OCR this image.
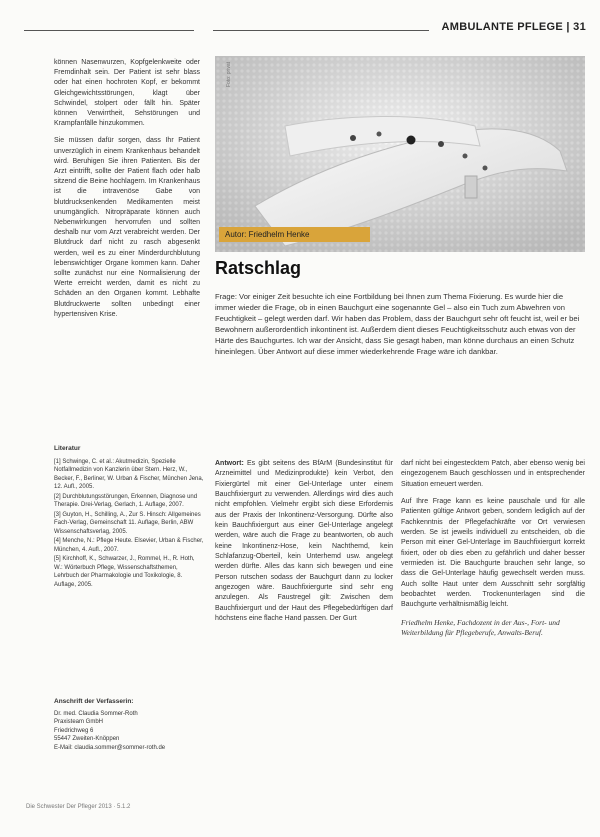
AMBULANTE PFLEGE | 31

können Nasenwurzen, Kopfgelenkweite oder Fremdinhalt sein. Der Patient ist sehr blass oder hat einen hochroten Kopf, er bekommt Gleichgewichtsstörungen, klagt über Schwindel, stolpert oder fällt hin. Später können Verwirrtheit, Sehstörungen und Krampfanfälle hinzukommen.

Sie müssen dafür sorgen, dass Ihr Patient unverzüglich in einem Krankenhaus behandelt wird. Beruhigen Sie ihren Patienten. Bis der Arzt eintrifft, sollte der Patient flach oder halb sitzend die Beine hochlagern. Im Krankenhaus ist die intravenöse Gabe von blutdrucksenkenden Medikamenten meist unumgänglich. Nitropräparate können auch Nebenwirkungen hervorrufen und sollten deshalb nur vom Arzt verabreicht werden. Der Blutdruck darf nicht zu rasch abgesenkt werden, weil es zu einer Minderdurchblutung lebenswichtiger Organe kommen kann. Daher sollte zunächst nur eine Normalisierung der Werte erreicht werden, damit es nicht zu Schäden an den Organen kommt. Lebhafte Blutdruckwerte sollten unbedingt einer hypertensiven Krise.

Foto: privat
Autor: Friedhelm Henke
Ratschlag
Frage: Vor einiger Zeit besuchte ich eine Fortbildung bei Ihnen zum Thema Fixierung. Es wurde hier die immer wieder die Frage, ob in einen Bauchgurt eine sogenannte Gel – also ein Tuch zum Abwehren von Feuchtigkeit – gelegt werden darf. Wir haben das Problem, dass der Bauchgurt sehr oft feucht ist, weil er bei Bewohnern außerordentlich inkontinent ist. Außerdem dient dieses Feuchtigkeitsschutz auch etwas von der Härte des Bauchgurtes. Ich war der Ansicht, dass Sie gesagt haben, man könne durchaus an einen Schutz hineinlegen. Über Antwort auf diese immer wiederkehrende Frage wäre ich dankbar.
Literatur

[1] Schwinge, C. et al.: Akutmedizin, Spezielle Notfallmedizin von Kanzlerin über Stern. Herz, W., Becker, F., Berliner, W. Urban & Fischer, München Jena, 12. Aufl., 2005.

[2] Durchblutungsstörungen, Erkennen, Diagnose und Therapie. Drei-Verlag, Gerlach, 1. Auflage, 2007.

[3] Guyton, H., Schilling, A., Zur S. Hinsch: Allgemeines Fach-Verlag, Gemeinschaft 11. Auflage, Berlin, ABW Wissenschaftsverlag, 2005.

[4] Menche, N.: Pflege Heute. Elsevier, Urban & Fischer, München, 4. Aufl., 2007.

[5] Kirchhoff, K., Schwarzer, J., Rommel, H., R. Hoth, W.: Wörterbuch Pflege, Wissenschaftsthemen, Lehrbuch der Pharmakologie und Toxikologie, 8. Auflage, 2005.

Anschrift der Verfasserin:
Dr. med. Claudia Sommer-Roth
Praxisteam GmbH
Friedrichweg 6
55447 Zweiten-Knöppen
E-Mail: claudia.sommer@sommer-roth.de

Antwort: Es gibt seitens des BfArM (Bundesinstitut für Arzneimittel und Medizinprodukte) kein Verbot, den Fixiergürtel mit einer Gel-Unterlage unter einem Bauchfixiergurt zu verwenden. Allerdings wird dies auch nicht empfohlen. Vielmehr ergibt sich diese Erfordernis aus der Praxis der Inkontinenz-Versorgung. Dürfte also kein Bauchfixiergurt aus einer Gel-Unterlage angelegt werden, wäre auch die Frage zu beantworten, ob auch keine Inkontinenz-Hose, kein Nachthemd, kein Schlafanzug-Oberteil, kein Unterhemd usw. angelegt werden dürfte. Alles das kann sich bewegen und eine Person rutschen sodass der Bauchgurt dann zu locker angezogen wäre. Bauchfixiergurte sind sehr eng anzulegen. Als Faustregel gilt: Zwischen dem Bauchfixiergurt und der Haut des Pflegebedürftigen darf höchstens eine flache Hand passen. Der Gurt

darf nicht bei eingestecktem Patch, aber ebenso wenig bei eingezogenem Bauch geschlossen und in entsprechender Situation erneuert werden.

Auf Ihre Frage kann es keine pauschale und für alle Patienten gültige Antwort geben, sondern lediglich auf der Fachkenntnis der Pflegefachkräfte vor Ort verwiesen werden. Se ist jeweils individuell zu entscheiden, ob die Person mit einer Gel-Unterlage im Bauchfixiergurt korrekt fixiert, oder ob dies eben zu gefährlich und daher besser vermieden ist. Die Bauchgurte brauchen sehr lange, so dass die Gel-Unterlage häufig gewechselt werden muss. Auch sollte Haut unter dem Ausschnitt sehr sorgfältig beobachtet werden. Trockenunterlagen sind die Bauchgurte verhältnismäßig leicht.

Friedhelm Henke, Fachdozent in der Aus-, Fort- und Weiterbildung für Pflegeberufe, Anwalts-Beruf.
Die Schwester Der Pfleger 2013 · 5.1.2
